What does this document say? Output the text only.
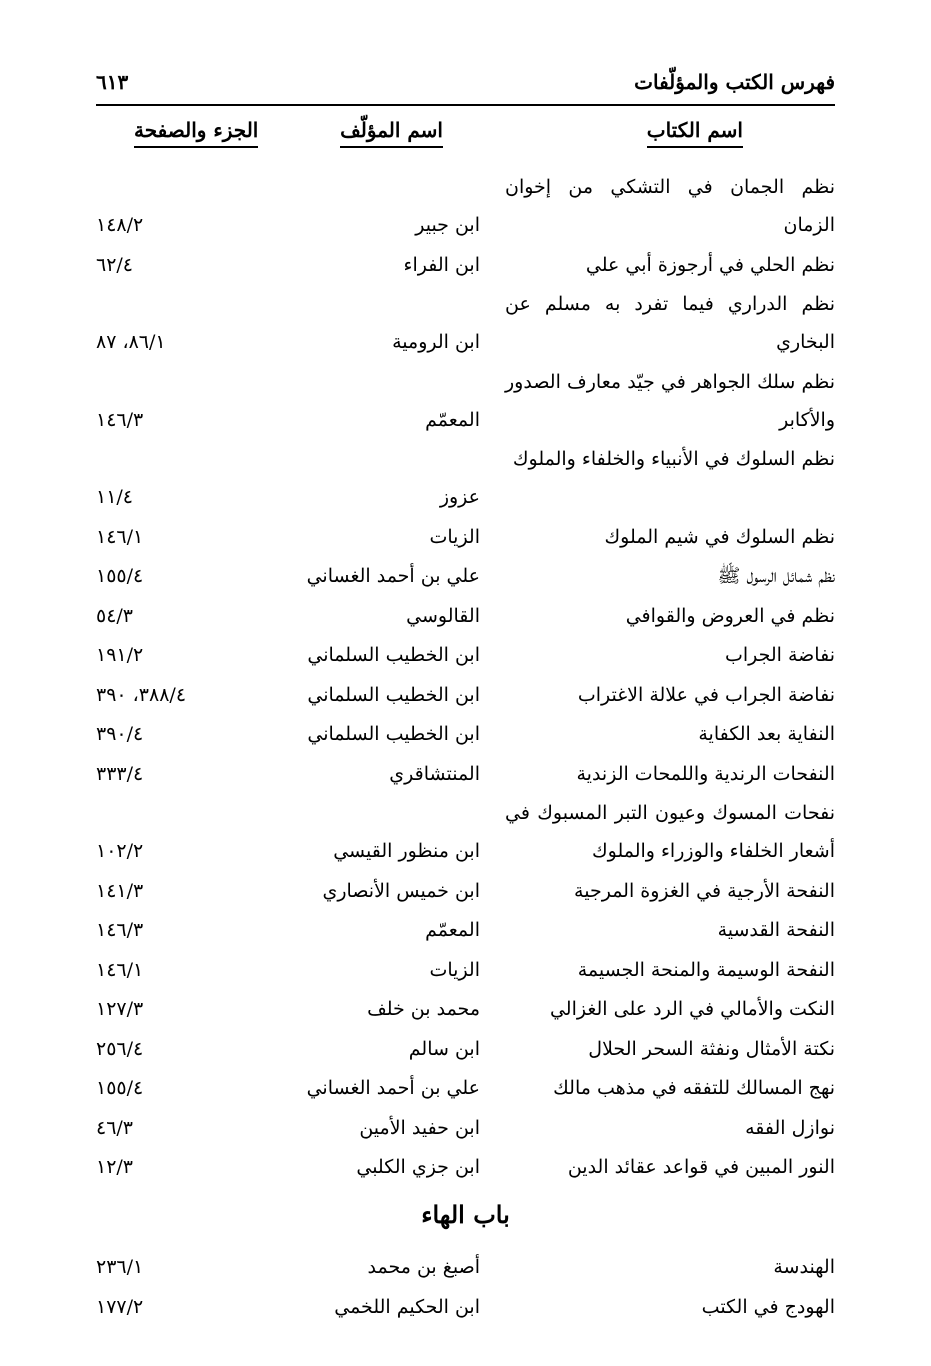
فهرس الكتب والمؤلّفات
٦١٣
اسم الكتاب
اسم المؤلّف
الجزء والصفحة
نظم الجمان في التشكي من إخوان الزمان
ابن جبير
١٤٨/٢
نظم الحلي في أرجوزة أبي علي
ابن الفراء
٦٢/٤
نظم الدراري فيما تفرد به مسلم عن البخاري
ابن الرومية
٨٦/١، ٨٧
نظم سلك الجواهر في جيّد معارف الصدور والأكابر
المعمّم
١٤٦/٣
نظم السلوك في الأنبياء والخلفاء والملوك
عزوز
١١/٤
نظم السلوك في شيم الملوك
الزيات
١٤٦/١
نظم شمائل الرسول ﷺ
علي بن أحمد الغساني
١٥٥/٤
نظم في العروض والقوافي
القالوسي
٥٤/٣
نفاضة الجراب
ابن الخطيب السلماني
١٩١/٢
نفاضة الجراب في علالة الاغتراب
ابن الخطيب السلماني
٣٨٨/٤، ٣٩٠
النفاية بعد الكفاية
ابن الخطيب السلماني
٣٩٠/٤
النفحات الرندية واللمحات الزندية
المنتشاقري
٣٣٣/٤
نفحات المسوك وعيون التبر المسبوك في أشعار الخلفاء والوزراء والملوك
ابن منظور القيسي
١٠٢/٢
النفحة الأرجية في الغزوة المرجية
ابن خميس الأنصاري
١٤١/٣
النفحة القدسية
المعمّم
١٤٦/٣
النفحة الوسيمة والمنحة الجسيمة
الزيات
١٤٦/١
النكت والأمالي في الرد على الغزالي
محمد بن خلف
١٢٧/٣
نكتة الأمثال ونفثة السحر الحلال
ابن سالم
٢٥٦/٤
نهج المسالك للتفقه في مذهب مالك
علي بن أحمد الغساني
١٥٥/٤
نوازل الفقه
ابن حفيد الأمين
٤٦/٣
النور المبين في قواعد عقائد الدين
ابن جزي الكلبي
١٢/٣
باب الهاء
الهندسة
أصبغ بن محمد
٢٣٦/١
الهودج في الكتب
ابن الحكيم اللخمي
١٧٧/٢
